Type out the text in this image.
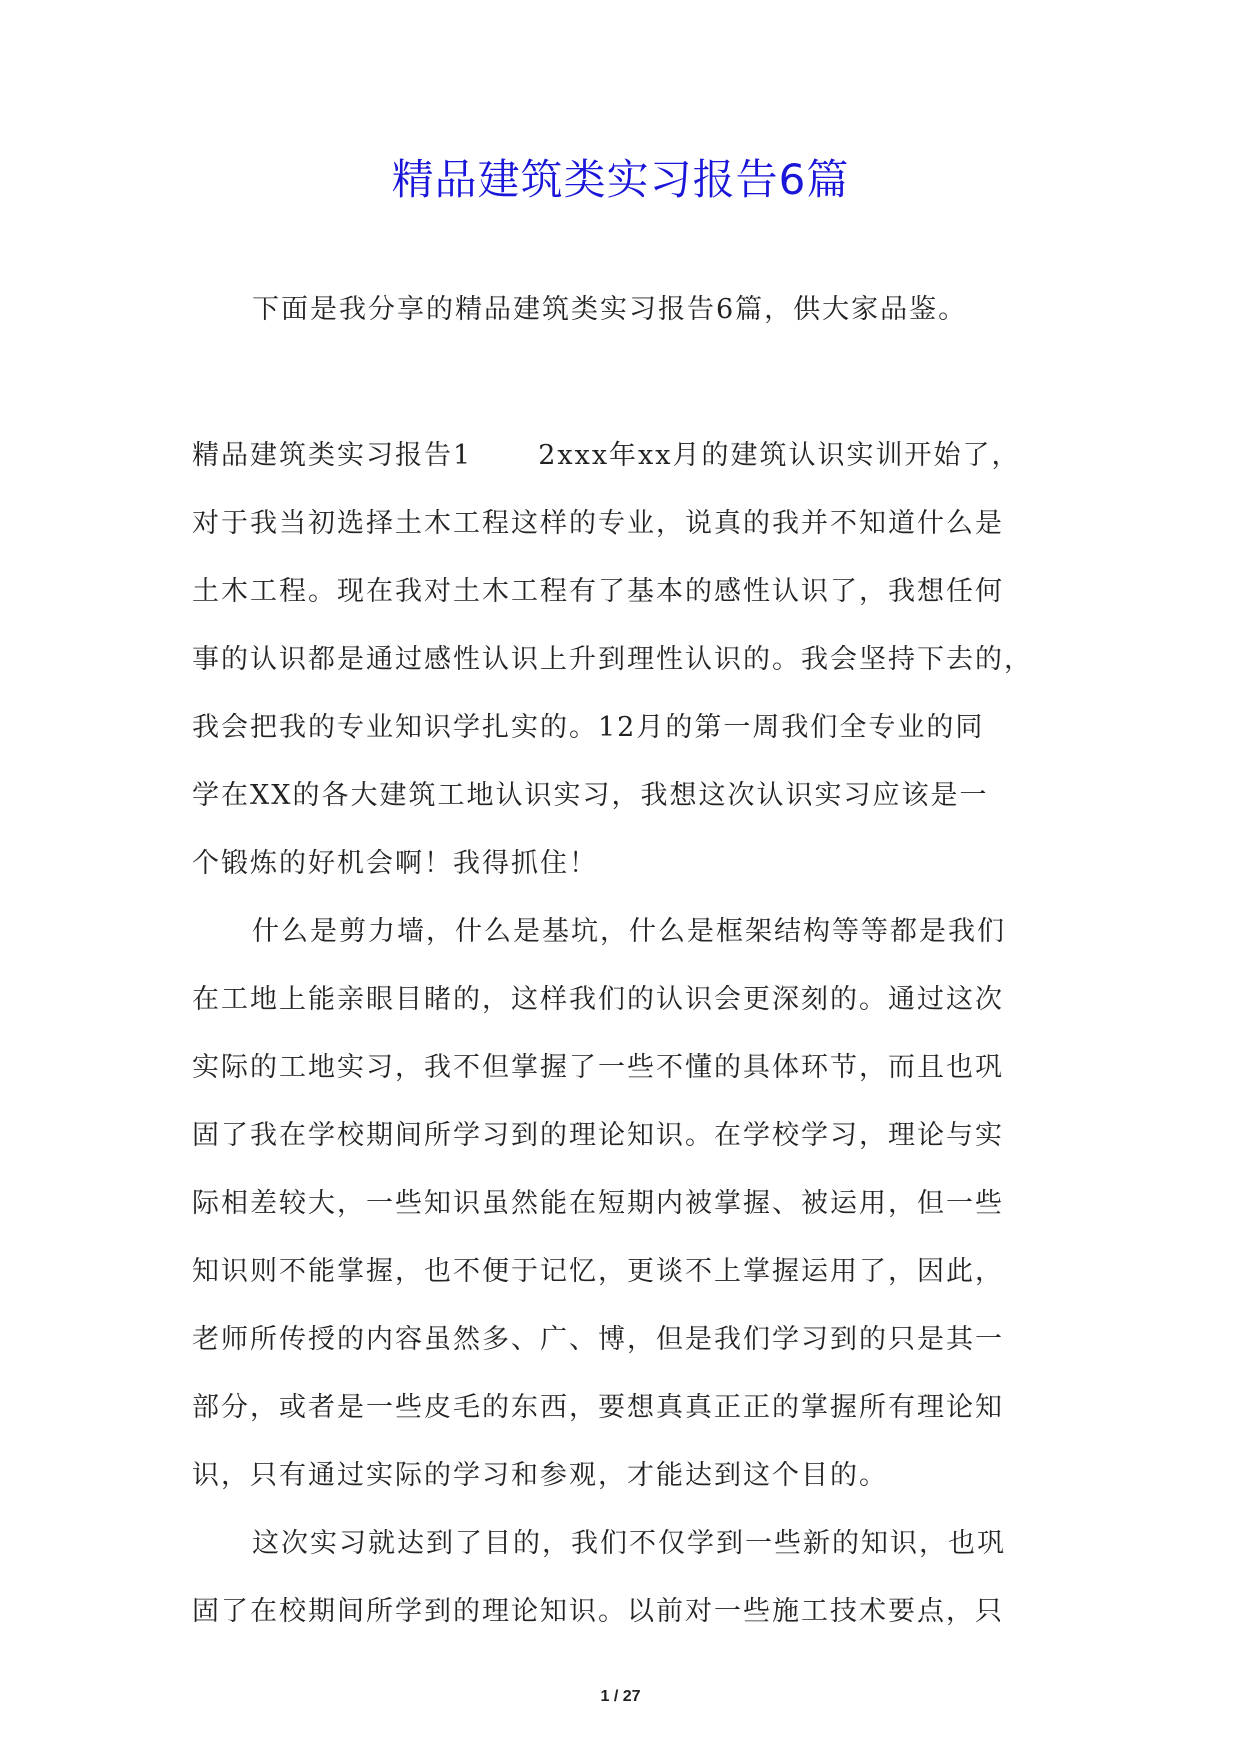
精品建筑类实习报告6篇
下面是我分享的精品建筑类实习报告6篇，供大家品鉴。
精品建筑类实习报告1 2xxx年xx月的建筑认识实训开始了，
对于我当初选择土木工程这样的专业，说真的我并不知道什么是
土木工程。现在我对土木工程有了基本的感性认识了，我想任何
事的认识都是通过感性认识上升到理性认识的。我会坚持下去的，
我会把我的专业知识学扎实的。12月的第一周我们全专业的同
学在XX的各大建筑工地认识实习，我想这次认识实习应该是一
个锻炼的好机会啊！我得抓住！
什么是剪力墙，什么是基坑，什么是框架结构等等都是我们
在工地上能亲眼目睹的，这样我们的认识会更深刻的。通过这次
实际的工地实习，我不但掌握了一些不懂的具体环节，而且也巩
固了我在学校期间所学习到的理论知识。在学校学习，理论与实
际相差较大，一些知识虽然能在短期内被掌握、被运用，但一些
知识则不能掌握，也不便于记忆，更谈不上掌握运用了，因此，
老师所传授的内容虽然多、广、博，但是我们学习到的只是其一
部分，或者是一些皮毛的东西，要想真真正正的掌握所有理论知
识，只有通过实际的学习和参观，才能达到这个目的。
这次实习就达到了目的，我们不仅学到一些新的知识，也巩
固了在校期间所学到的理论知识。以前对一些施工技术要点，只
1 / 27
